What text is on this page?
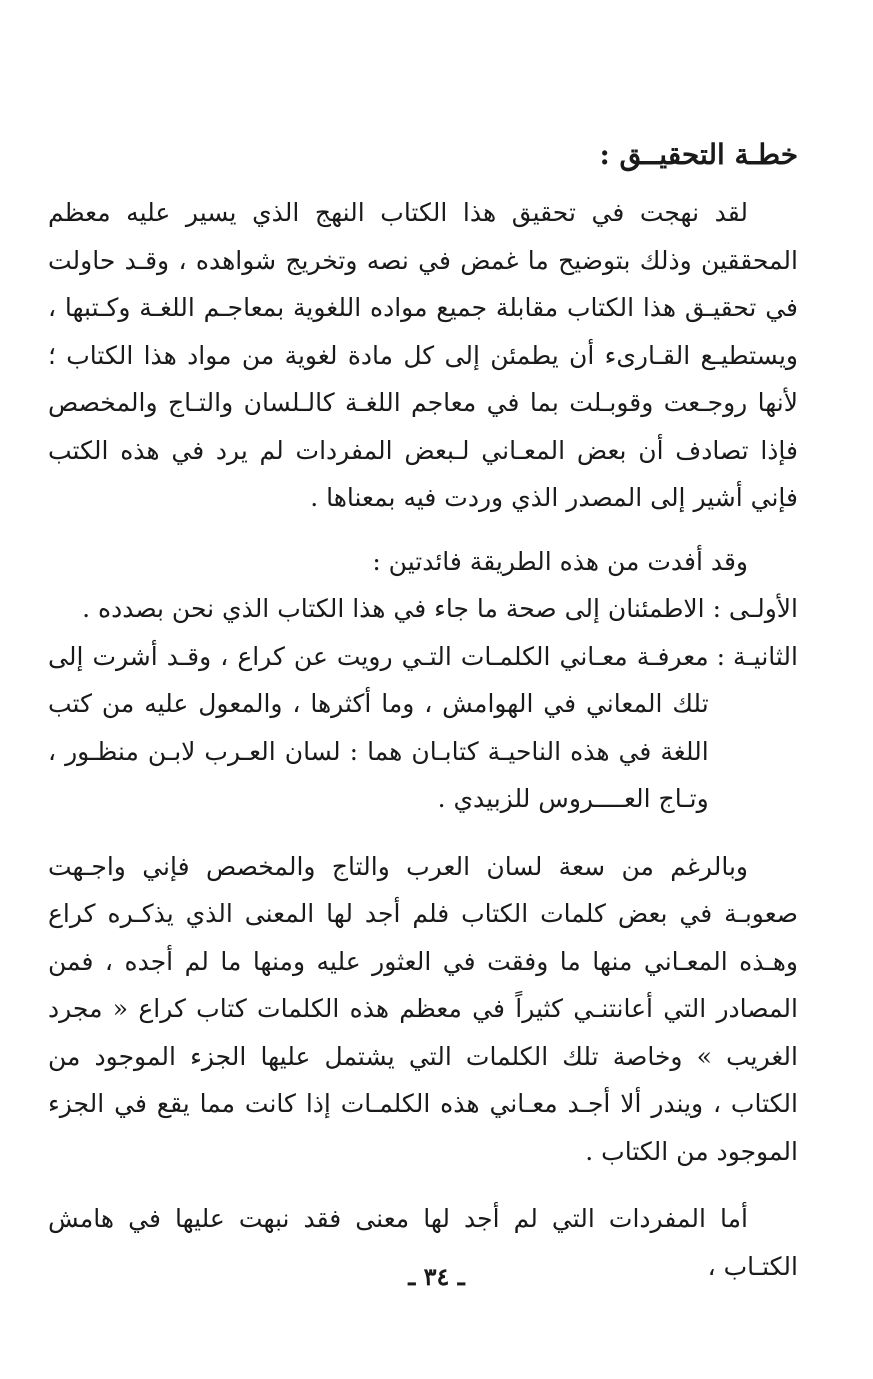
خطـة التحقيــق :

لقد نهجت في تحقيق هذا الكتاب النهج الذي يسير عليه معظم المحققين وذلك بتوضيح ما غمض في نصه وتخريج شواهده ، وقـد حاولت في تحقيـق هذا الكتاب مقابلة جميع مواده اللغوية بمعاجـم اللغـة وكـتبها ، ويستطيـع القـارىء أن يطمئن إلى كل مادة لغوية من مواد هذا الكتاب ؛ لأنها روجـعت وقوبـلت بما في معاجم اللغـة كالـلسان والتـاج والمخصص فإذا تصادف أن بعض المعـاني لـبعض المفردات لم يرد في هذه الكتب فإني أشير إلى المصدر الذي وردت فيه بمعناها .

وقد أفدت من هذه الطريقة فائدتين :

الأولـى :
الاطمئنان إلى صحة ما جاء في هذا الكتاب الذي نحن بصدده .
الثانيـة :
معرفـة معـاني الكلمـات التـي رويت عن كراع ، وقـد أشرت إلى تلك المعاني في الهوامش ، وما أكثرها ، والمعول عليه من كتب اللغة في هذه الناحيـة كتابـان هما : لسان العـرب لابـن منظـور ، وتـاج العــــروس للزبيدي .

وبالرغم من سعة لسان العرب والتاج والمخصص فإني واجـهت صعوبـة في بعض كلمات الكتاب فلم أجد لها المعنى الذي يذكـره كراع وهـذه المعـاني منها ما وفقت في العثور عليه ومنها ما لم أجده ، فمن المصادر التي أعانتنـي كثيراً في معظم هذه الكلمات كتاب كراع « مجرد الغريب » وخاصة تلك الكلمات التي يشتمل عليها الجزء الموجود من الكتاب ، ويندر ألا أجـد معـاني هذه الكلمـات إذا كانت مما يقع في الجزء الموجود من الكتاب .

أما المفردات التي لم أجد لها معنى فقد نبهت عليها في هامش الكتـاب ،

ـ ٣٤ ـ
